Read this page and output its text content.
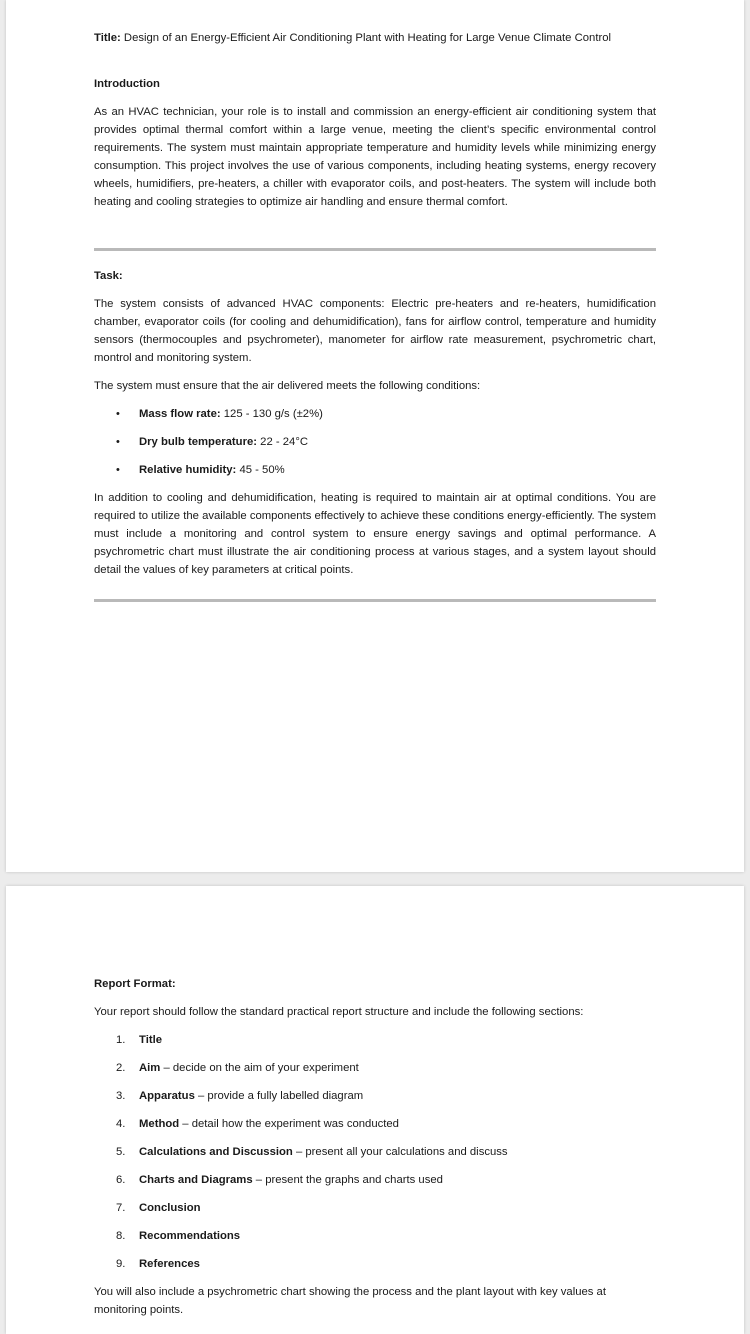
Title: Design of an Energy-Efficient Air Conditioning Plant with Heating for Large Venue Climate Control

Introduction

As an HVAC technician, your role is to install and commission an energy-efficient air conditioning system that provides optimal thermal comfort within a large venue, meeting the client’s specific environmental control requirements. The system must maintain appropriate temperature and humidity levels while minimizing energy consumption. This project involves the use of various components, including heating systems, energy recovery wheels, humidifiers, pre-heaters, a chiller with evaporator coils, and post-heaters. The system will include both heating and cooling strategies to optimize air handling and ensure thermal comfort.

Task:

The system consists of advanced HVAC components: Electric pre-heaters and re-heaters, humidification chamber, evaporator coils (for cooling and dehumidification), fans for airflow control, temperature and humidity sensors (thermocouples and psychrometer), manometer for airflow rate measurement, psychrometric chart, montrol and monitoring system.

The system must ensure that the air delivered meets the following conditions:

• Mass flow rate: 125 - 130 g/s (±2%)
• Dry bulb temperature: 22 - 24°C
• Relative humidity: 45 - 50%

In addition to cooling and dehumidification, heating is required to maintain air at optimal conditions. You are required to utilize the available components effectively to achieve these conditions energy-efficiently. The system must include a monitoring and control system to ensure energy savings and optimal performance. A psychrometric chart must illustrate the air conditioning process at various stages, and a system layout should detail the values of key parameters at critical points.

Report Format:

Your report should follow the standard practical report structure and include the following sections:

1. Title
2. Aim – decide on the aim of your experiment
3. Apparatus – provide a fully labelled diagram
4. Method – detail how the experiment was conducted
5. Calculations and Discussion – present all your calculations and discuss
6. Charts and Diagrams – present the graphs and charts used
7. Conclusion
8. Recommendations
9. References

You will also include a psychrometric chart showing the process and the plant layout with key values at monitoring points.
